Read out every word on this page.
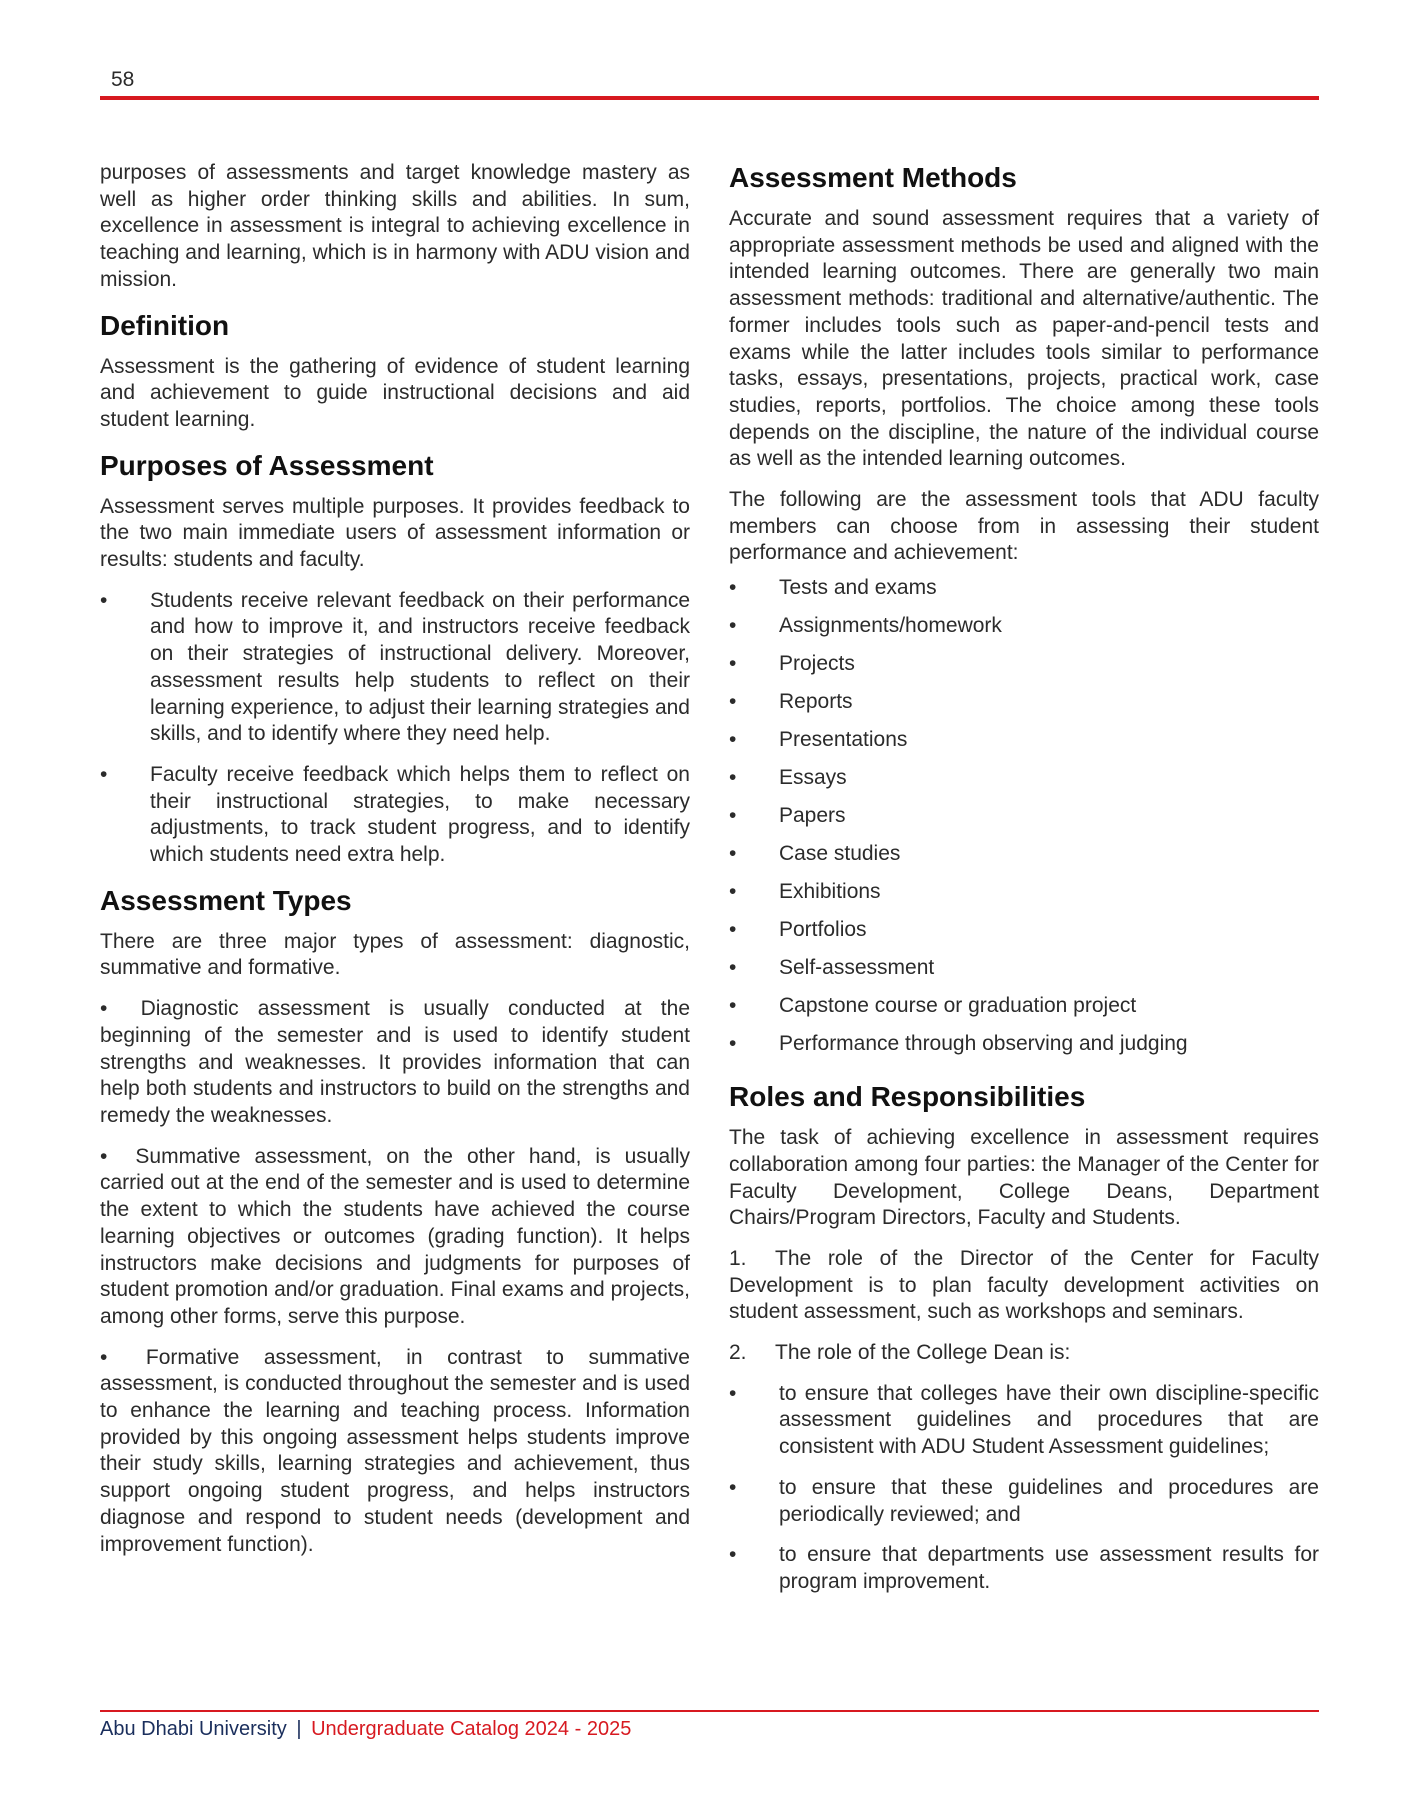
58

purposes of assessments and target knowledge mastery as well as higher order thinking skills and abilities. In sum, excellence in assessment is integral to achieving excellence in teaching and learning, which is in harmony with ADU vision and mission.

Definition

Assessment is the gathering of evidence of student learning and achievement to guide instructional decisions and aid student learning.

Purposes of Assessment

Assessment serves multiple purposes. It provides feedback to the two main immediate users of assessment information or results: students and faculty.

•	Students receive relevant feedback on their performance and how to improve it, and instructors receive feedback on their strategies of instructional delivery. Moreover, assessment results help students to reflect on their learning experience, to adjust their learning strategies and skills, and to identify where they need help.

•	Faculty receive feedback which helps them to reflect on their instructional strategies, to make necessary adjustments, to track student progress, and to identify which students need extra help.

Assessment Types

There are three major types of assessment: diagnostic, summative and formative.

• Diagnostic assessment is usually conducted at the beginning of the semester and is used to identify student strengths and weaknesses. It provides information that can help both students and instructors to build on the strengths and remedy the weaknesses.

• Summative assessment, on the other hand, is usually carried out at the end of the semester and is used to determine the extent to which the students have achieved the course learning objectives or outcomes (grading function). It helps instructors make decisions and judgments for purposes of student promotion and/or graduation. Final exams and projects, among other forms, serve this purpose.

• Formative assessment, in contrast to summative assessment, is conducted throughout the semester and is used to enhance the learning and teaching process. Information provided by this ongoing assessment helps students improve their study skills, learning strategies and achievement, thus support ongoing student progress, and helps instructors diagnose and respond to student needs (development and improvement function).

Assessment Methods

Accurate and sound assessment requires that a variety of appropriate assessment methods be used and aligned with the intended learning outcomes. There are generally two main assessment methods: traditional and alternative/authentic. The former includes tools such as paper-and-pencil tests and exams while the latter includes tools similar to performance tasks, essays, presentations, projects, practical work, case studies, reports, portfolios. The choice among these tools depends on the discipline, the nature of the individual course as well as the intended learning outcomes.

The following are the assessment tools that ADU faculty members can choose from in assessing their student performance and achievement:

• Tests and exams
• Assignments/homework
• Projects
• Reports
• Presentations
• Essays
• Papers
• Case studies
• Exhibitions
• Portfolios
• Self-assessment
• Capstone course or graduation project
• Performance through observing and judging
Roles and Responsibilities

The task of achieving excellence in assessment requires collaboration among four parties: the Manager of the Center for Faculty Development, College Deans, Department Chairs/Program Directors, Faculty and Students.

1. The role of the Director of the Center for Faculty Development is to plan faculty development activities on student assessment, such as workshops and seminars.

2. The role of the College Dean is:

•	to ensure that colleges have their own discipline-specific assessment guidelines and procedures that are consistent with ADU Student Assessment guidelines;

•	to ensure that these guidelines and procedures are periodically reviewed; and

•	to ensure that departments use assessment results for program improvement.

Abu Dhabi University | Undergraduate Catalog 2024 - 2025
